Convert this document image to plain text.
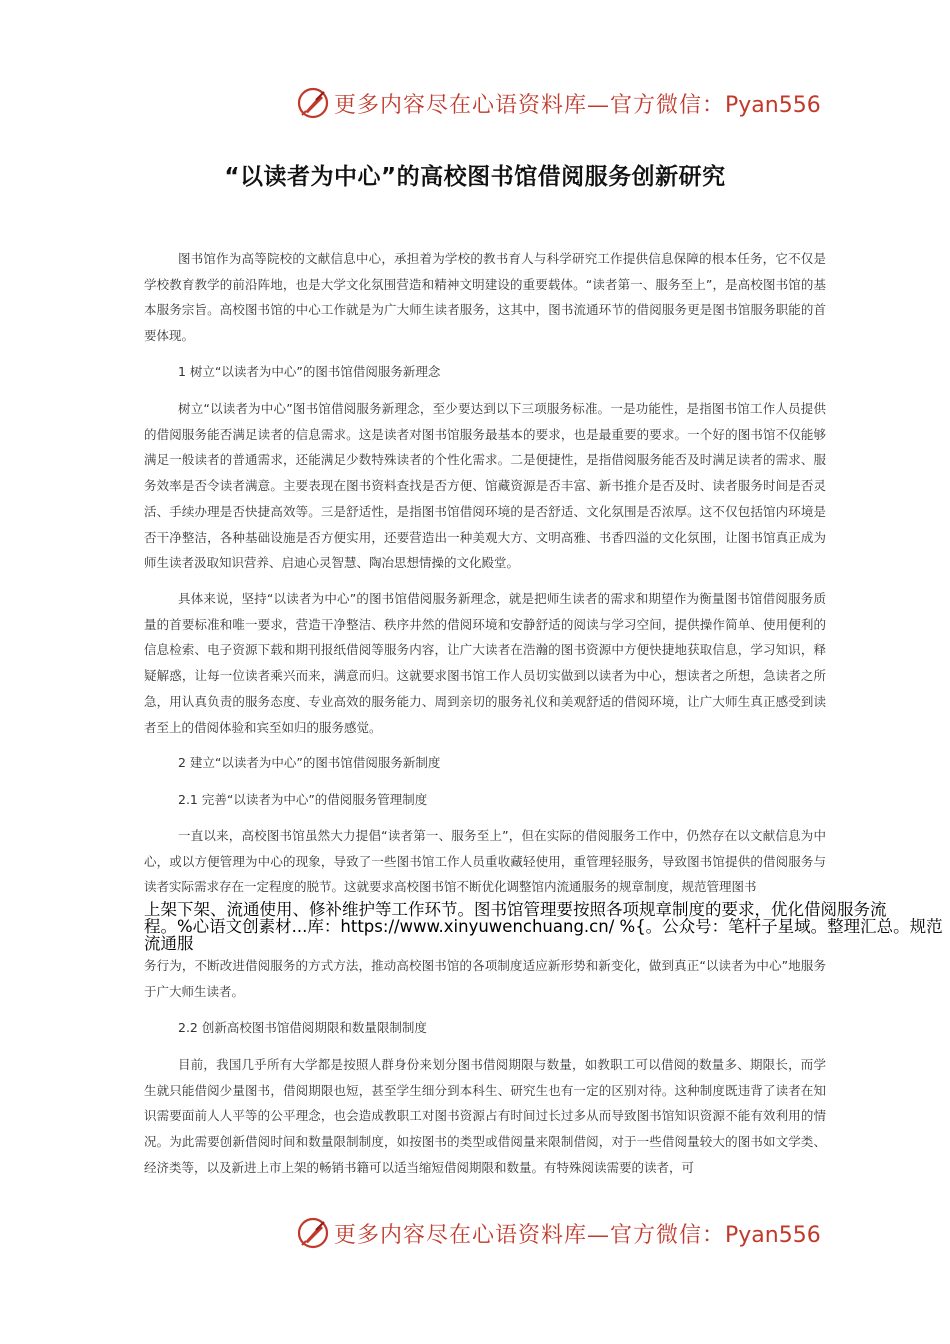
更多内容尽在心语资料库—官方微信：Pyan556
“以读者为中心”的高校图书馆借阅服务创新研究

图书馆作为高等院校的文献信息中心，承担着为学校的教书育人与科学研究工作提供信息保障的根本任务，它不仅是学校教育教学的前沿阵地，也是大学文化氛围营造和精神文明建设的重要载体。“读者第一、服务至上”，是高校图书馆的基本服务宗旨。高校图书馆的中心工作就是为广大师生读者服务，这其中，图书流通环节的借阅服务更是图书馆服务职能的首要体现。

1 树立“以读者为中心”的图书馆借阅服务新理念

树立“以读者为中心”图书馆借阅服务新理念，至少要达到以下三项服务标准。一是功能性，是指图书馆工作人员提供的借阅服务能否满足读者的信息需求。这是读者对图书馆服务最基本的要求，也是最重要的要求。一个好的图书馆不仅能够满足一般读者的普通需求，还能满足少数特殊读者的个性化需求。二是便捷性，是指借阅服务能否及时满足读者的需求、服务效率是否令读者满意。主要表现在图书资料查找是否方便、馆藏资源是否丰富、新书推介是否及时、读者服务时间是否灵活、手续办理是否快捷高效等。三是舒适性，是指图书馆借阅环境的是否舒适、文化氛围是否浓厚。这不仅包括馆内环境是否干净整洁，各种基础设施是否方便实用，还要营造出一种美观大方、文明高雅、书香四溢的文化氛围，让图书馆真正成为师生读者汲取知识营养、启迪心灵智慧、陶冶思想情操的文化殿堂。

具体来说，坚持“以读者为中心”的图书馆借阅服务新理念，就是把师生读者的需求和期望作为衡量图书馆借阅服务质量的首要标准和唯一要求，营造干净整洁、秩序井然的借阅环境和安静舒适的阅读与学习空间，提供操作简单、使用便利的信息检索、电子资源下载和期刊报纸借阅等服务内容，让广大读者在浩瀚的图书资源中方便快捷地获取信息，学习知识，释疑解惑，让每一位读者乘兴而来，满意而归。这就要求图书馆工作人员切实做到以读者为中心，想读者之所想，急读者之所急，用认真负责的服务态度、专业高效的服务能力、周到亲切的服务礼仪和美观舒适的借阅环境，让广大师生真正感受到读者至上的借阅体验和宾至如归的服务感觉。

2 建立“以读者为中心”的图书馆借阅服务新制度

2.1 完善“以读者为中心”的借阅服务管理制度

一直以来，高校图书馆虽然大力提倡“读者第一、服务至上”，但在实际的借阅服务工作中，仍然存在以文献信息为中心，或以方便管理为中心的现象，导致了一些图书馆工作人员重收藏轻使用，重管理轻服务，导致图书馆提供的借阅服务与读者实际需求存在一定程度的脱节。这就要求高校图书馆不断优化调整馆内流通服务的规章制度，规范管理图书

上架下架、流通使用、修补维护等工作环节。图书馆管理要按照各项规章制度的要求，优化借阅服务流
程。%心语文创素材...库：https://www.xinyuwenchuang.cn/ %{。公众号：笔杆子星域。整理汇总。规范
流通服

务行为，不断改进借阅服务的方式方法，推动高校图书馆的各项制度适应新形势和新变化，做到真正“以读者为中心”地服务于广大师生读者。

2.2 创新高校图书馆借阅期限和数量限制制度

目前，我国几乎所有大学都是按照人群身份来划分图书借阅期限与数量，如教职工可以借阅的数量多、期限长，而学生就只能借阅少量图书，借阅期限也短，甚至学生细分到本科生、研究生也有一定的区别对待。这种制度既违背了读者在知识需要面前人人平等的公平理念，也会造成教职工对图书资源占有时间过长过多从而导致图书馆知识资源不能有效利用的情况。为此需要创新借阅时间和数量限制制度，如按图书的类型或借阅量来限制借阅，对于一些借阅量较大的图书如文学类、经济类等，以及新进上市上架的畅销书籍可以适当缩短借阅期限和数量。有特殊阅读需要的读者，可

更多内容尽在心语资料库—官方微信：Pyan556
